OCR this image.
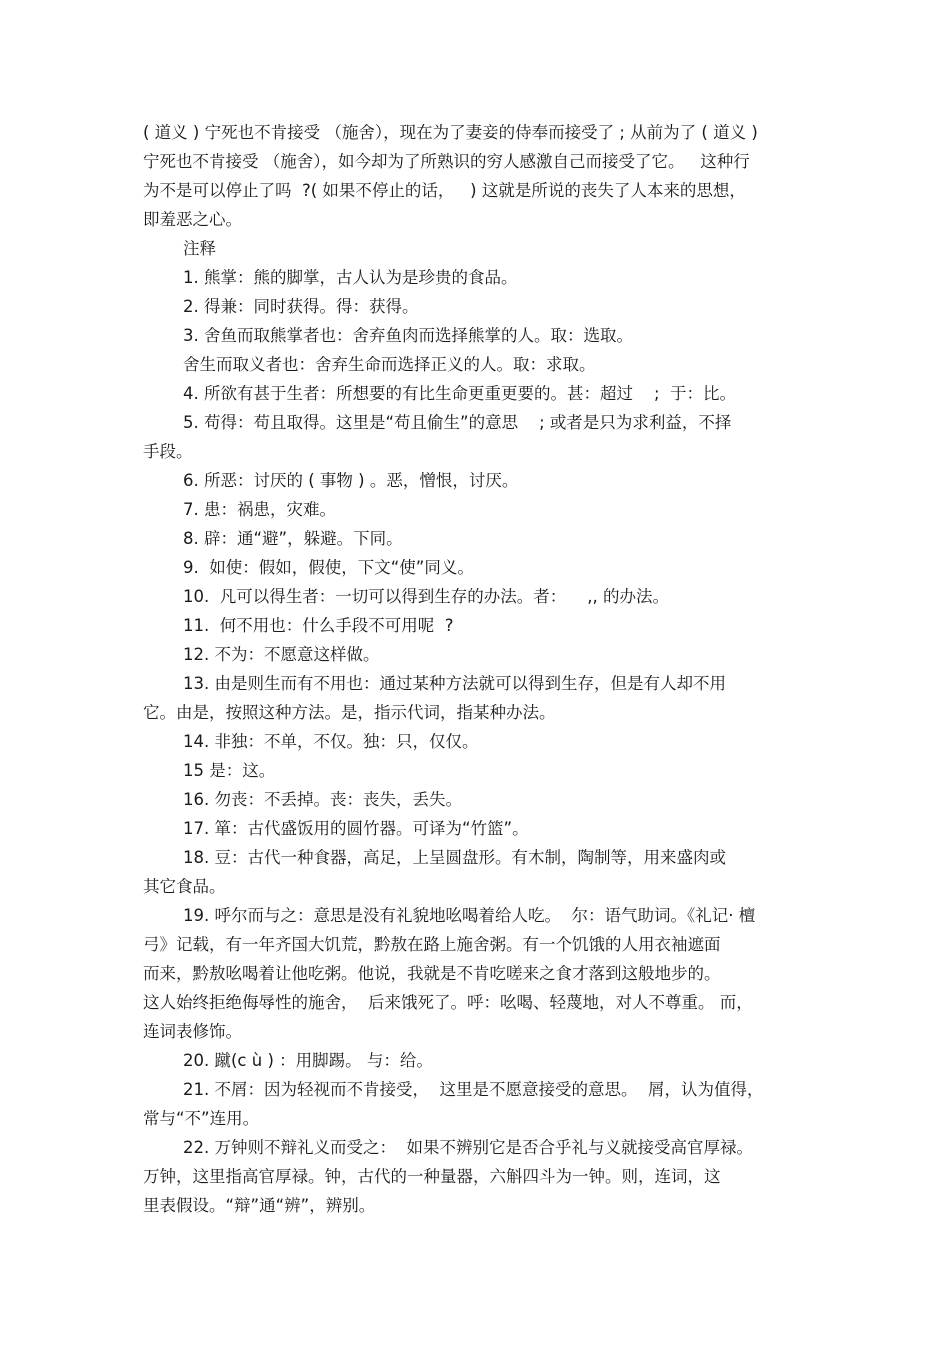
( 道义 ) 宁死也不肯接受 （施舍），现在为了妻妾的侍奉而接受了 ; 从前为了 ( 道义 )
宁死也不肯接受 （施舍），如今却为了所熟识的穷人感激自己而接受了它。   这种行
为不是可以停止了吗  ?( 如果不停止的话，   ) 这就是所说的丧失了人本来的思想，
即羞恶之心。
注释
1. 熊掌：熊的脚掌，古人认为是珍贵的食品。
2. 得兼：同时获得。得：获得。
3. 舍鱼而取熊掌者也：舍弃鱼肉而选择熊掌的人。取：选取。
舍生而取义者也：舍弃生命而选择正义的人。取：求取。
4. 所欲有甚于生者：所想要的有比生命更重更要的。甚：超过    ;  于：比。
5. 苟得：苟且取得。这里是“苟且偷生”的意思    ; 或者是只为求利益，不择
手段。
6. 所恶：讨厌的 ( 事物 ) 。恶，憎恨，讨厌。
7. 患：祸患，灾难。
8. 辟：通“避”，躲避。下同。
9.  如使：假如，假使，下文“使”同义。
10.  凡可以得生者：一切可以得到生存的办法。者：    ,, 的办法。
11.  何不用也：什么手段不可用呢  ?
12. 不为：不愿意这样做。
13. 由是则生而有不用也：通过某种方法就可以得到生存，但是有人却不用
它。由是，按照这种方法。是，指示代词，指某种办法。
14. 非独：不单，不仅。独：只，仅仅。
15 是：这。
16. 勿丧：不丢掉。丧：丧失，丢失。
17. 箪：古代盛饭用的圆竹器。可译为“竹篮”。
18. 豆：古代一种食器，高足，上呈圆盘形。有木制，陶制等，用来盛肉或
其它食品。
19. 呼尔而与之：意思是没有礼貌地吆喝着给人吃。  尔：语气助词。《礼记· 檀
弓》记载，有一年齐国大饥荒，黔敖在路上施舍粥。有一个饥饿的人用衣袖遮面
而来，黔敖吆喝着让他吃粥。他说，我就是不肯吃嗟来之食才落到这般地步的。
这人始终拒绝侮辱性的施舍，  后来饿死了。呼：吆喝、轻蔑地，对人不尊重。 而，
连词表修饰。
20. 蹴(c ù ) ：用脚踢。 与：给。
21. 不屑：因为轻视而不肯接受，  这里是不愿意接受的意思。  屑，认为值得，
常与“不”连用。
22. 万钟则不辩礼义而受之：  如果不辨别它是否合乎礼与义就接受高官厚禄。
万钟，这里指高官厚禄。钟，古代的一种量器，六斛四斗为一钟。则，连词，这
里表假设。“辩”通“辨”，辨别。
